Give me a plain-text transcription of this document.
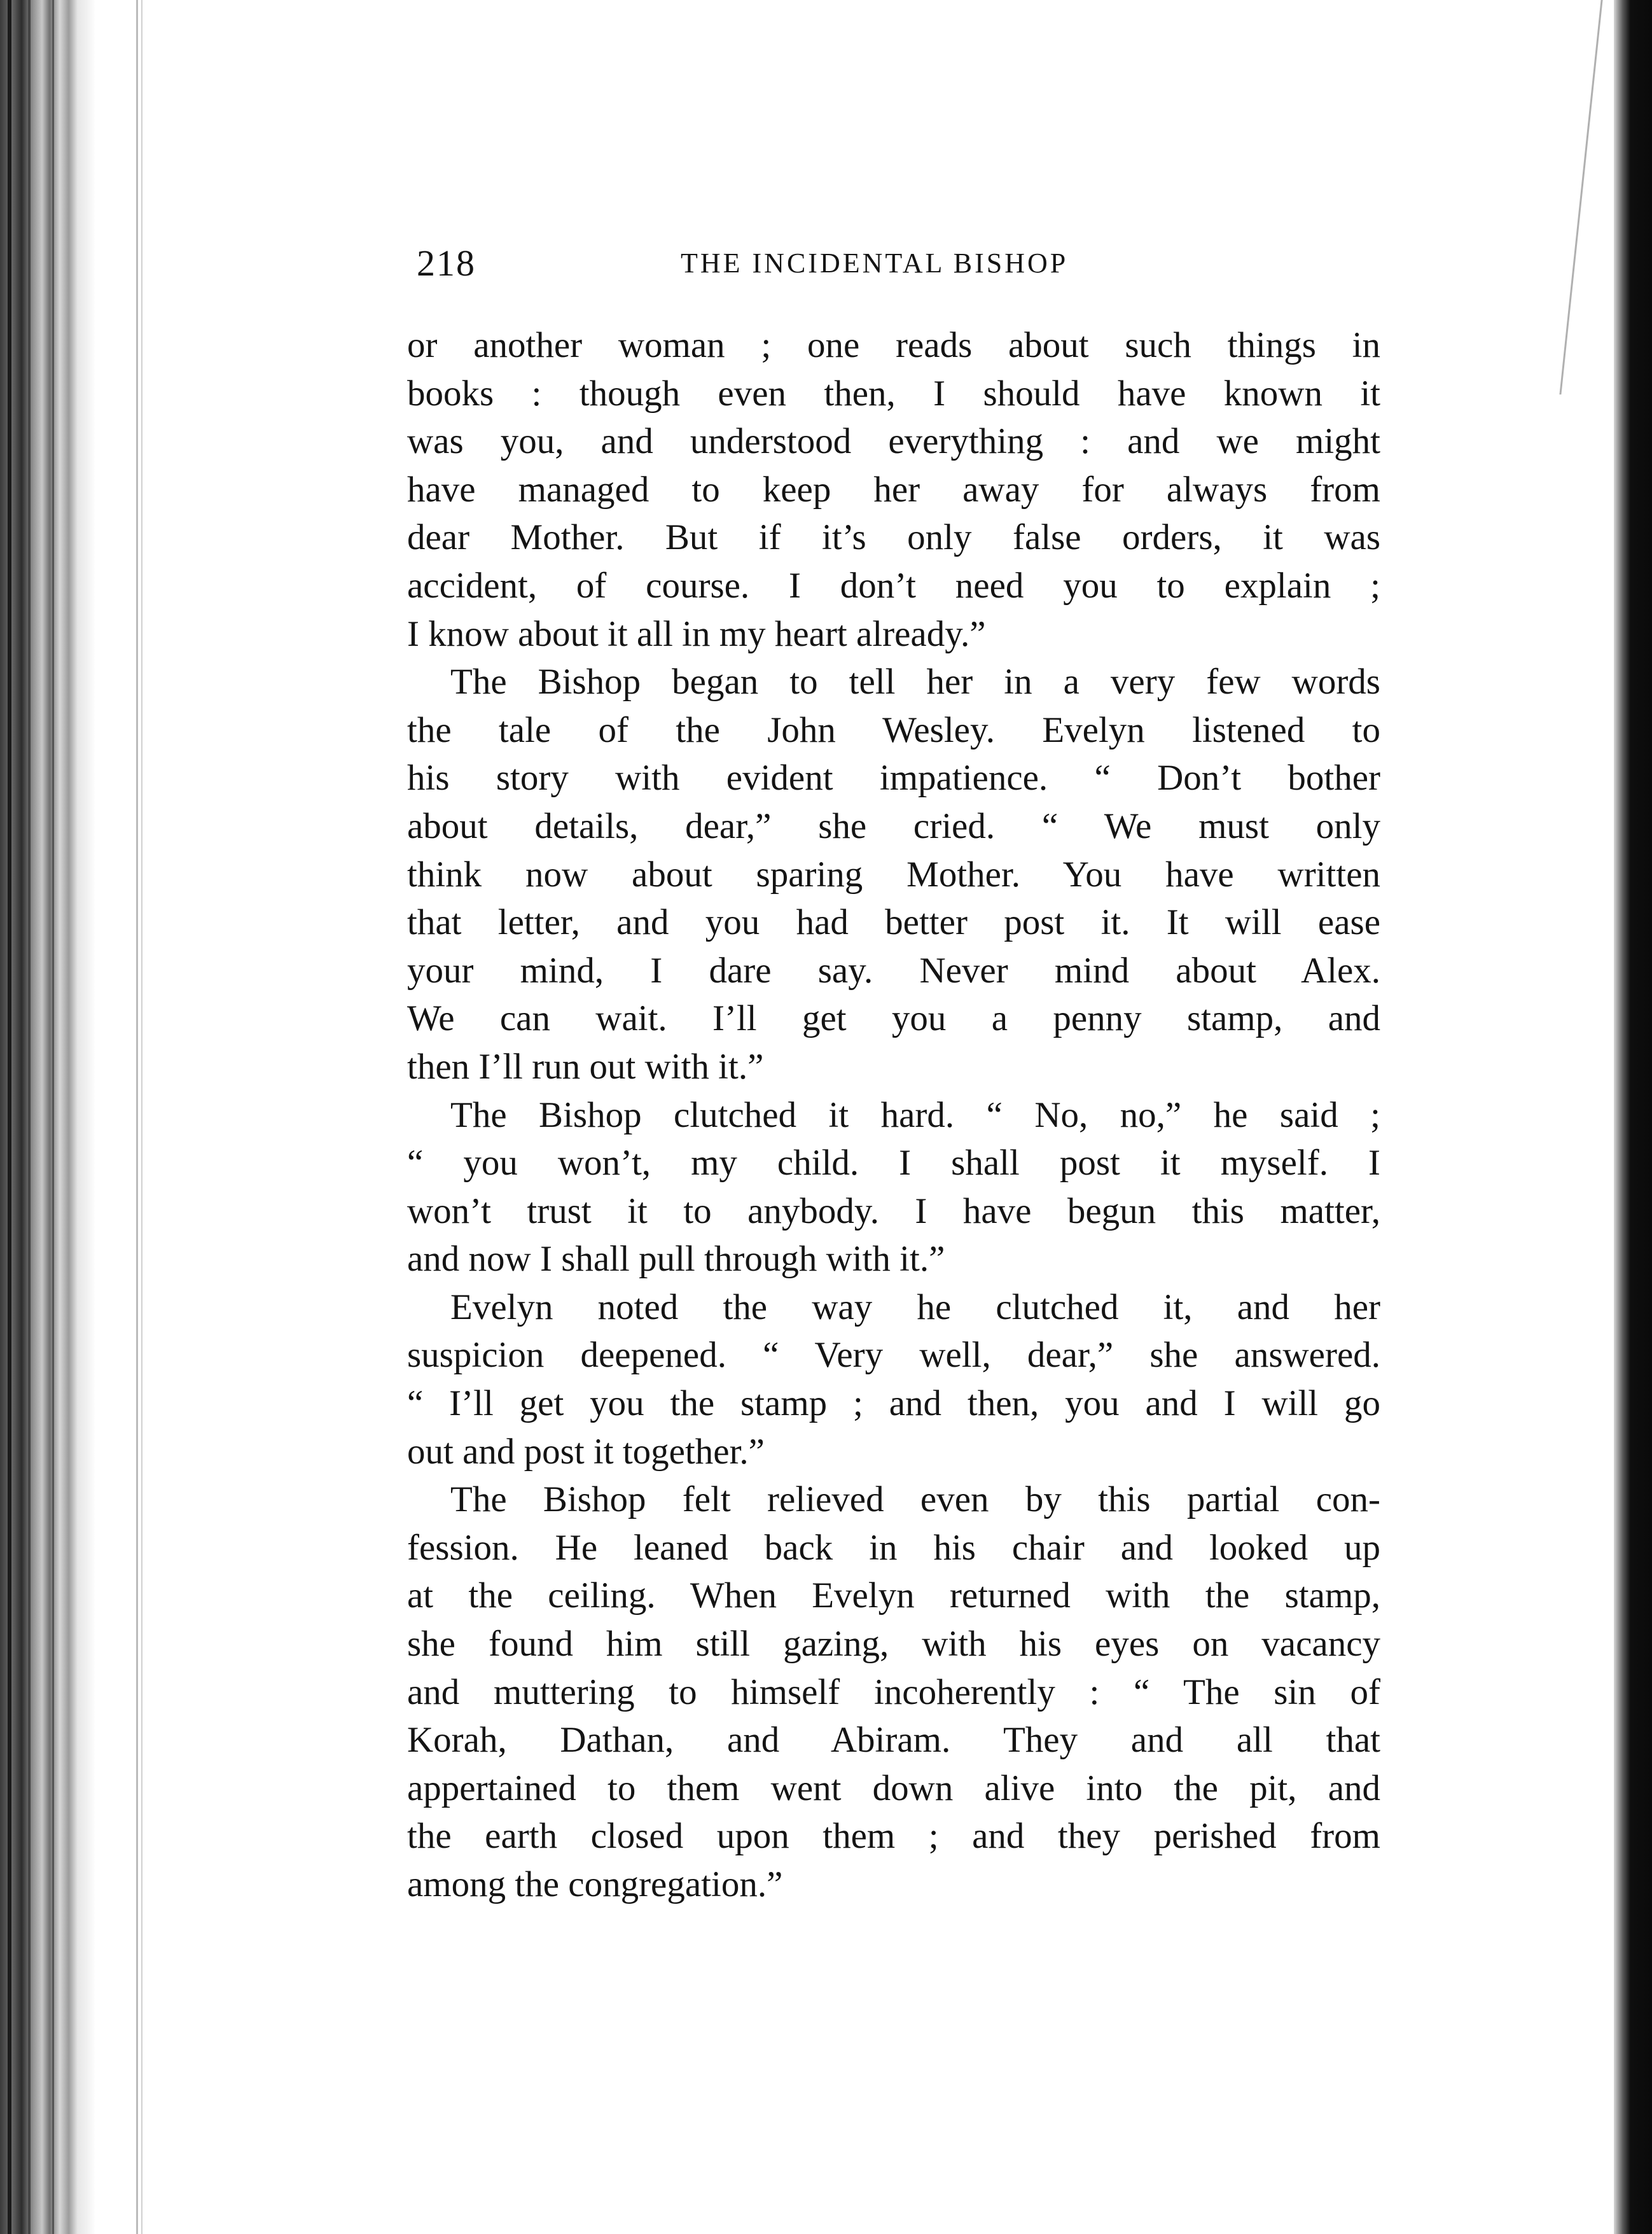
218	THE INCIDENTAL BISHOP
or another woman ; one reads about such things in
books : though even then, I should have known it
was you, and understood everything : and we might
have managed to keep her away for always from
dear Mother. But if it’s only false orders, it was
accident, of course. I don’t need you to explain ;
I know about it all in my heart already.”
The Bishop began to tell her in a very few words
the tale of the John Wesley. Evelyn listened to
his story with evident impatience. “ Don’t bother
about details, dear,” she cried. “ We must only
think now about sparing Mother. You have written
that letter, and you had better post it. It will ease
your mind, I dare say. Never mind about Alex.
We can wait. I’ll get you a penny stamp, and
then I’ll run out with it.”
The Bishop clutched it hard. “ No, no,” he said ;
“ you won’t, my child. I shall post it myself. I
won’t trust it to anybody. I have begun this matter,
and now I shall pull through with it.”
Evelyn noted the way he clutched it, and her
suspicion deepened. “ Very well, dear,” she answered.
“ I’ll get you the stamp ; and then, you and I will go
out and post it together.”
The Bishop felt relieved even by this partial con-
fession. He leaned back in his chair and looked up
at the ceiling. When Evelyn returned with the stamp,
she found him still gazing, with his eyes on vacancy
and muttering to himself incoherently : “ The sin of
Korah, Dathan, and Abiram. They and all that
appertained to them went down alive into the pit, and
the earth closed upon them ; and they perished from
among the congregation.”
